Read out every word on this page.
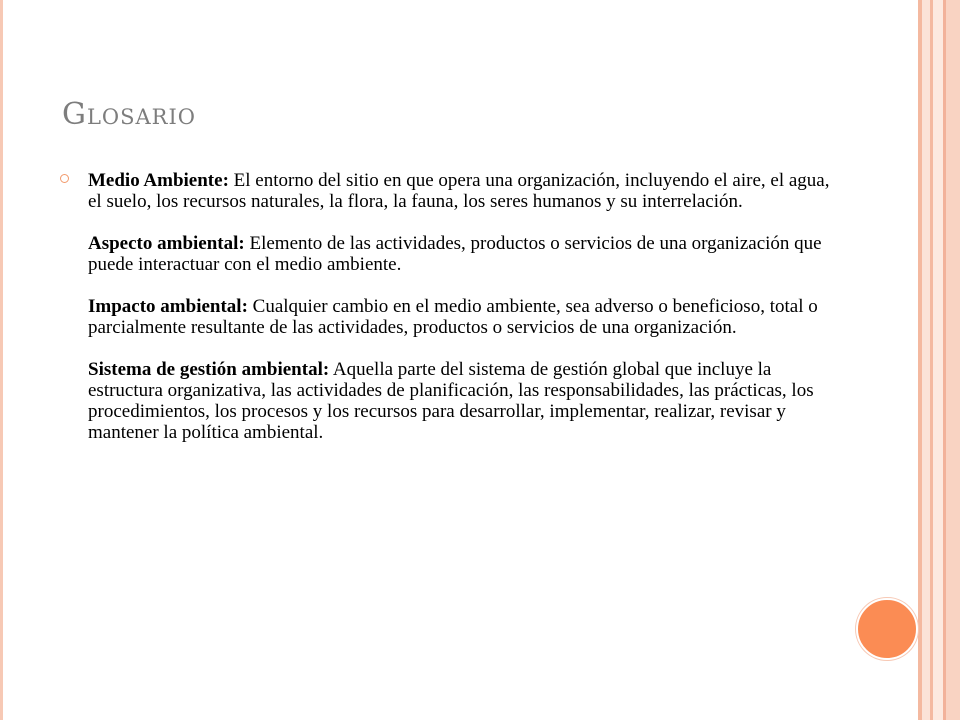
Glosario

Medio Ambiente: El entorno del sitio en que opera una organización, incluyendo el aire, el agua, el suelo, los recursos naturales, la flora, la fauna, los seres humanos y su interrelación.

Aspecto ambiental: Elemento de las actividades, productos o servicios de una organización que puede interactuar con el medio ambiente.

Impacto ambiental: Cualquier cambio en el medio ambiente, sea adverso o beneficioso, total o parcialmente resultante de las actividades, productos o servicios de una organización.

Sistema de gestión ambiental: Aquella parte del sistema de gestión global que incluye la estructura organizativa, las actividades de planificación, las responsabilidades, las prácticas, los procedimientos, los procesos y los recursos para desarrollar, implementar, realizar, revisar y mantener la política ambiental.
